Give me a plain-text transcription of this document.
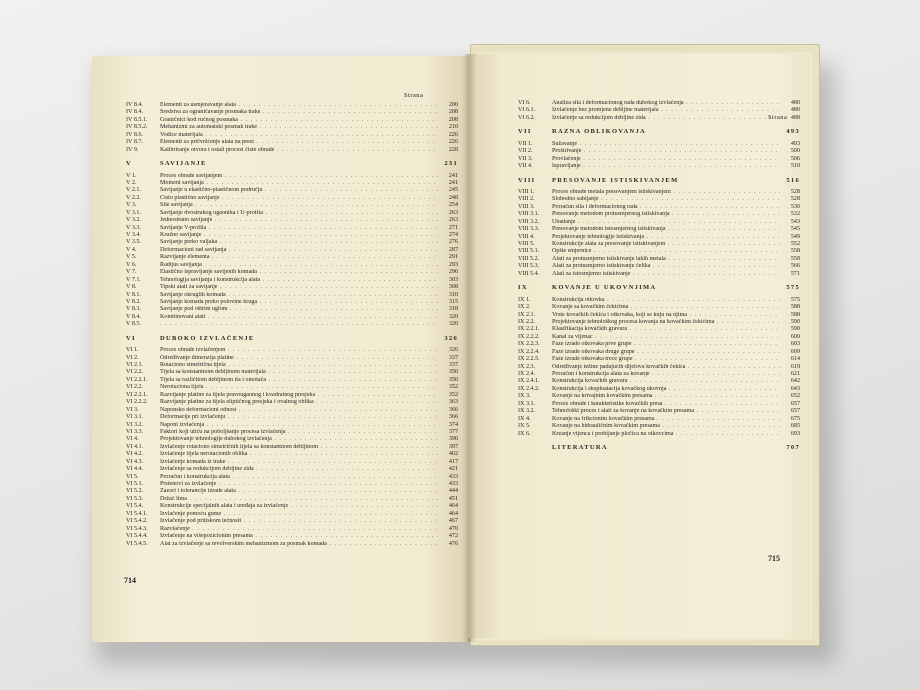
Strana
IV 8.4.	Elementi za usmjeravanje alata . . .	200
IV 8.4.	Sredstva za ograničavanje posmaka trake . . .	208
IV 8.5.1.	Graničnici kod ručnog posmaka . . .	208
IV 8.5.2.	Mehanizmi za automatski posmak trake . . .	210
IV 8.6.	Vodice materijala . . .	226
IV 8.7.	Elementi za pričvršćenje alata na presi . . .	226
IV 9.	Kalibriranje otvora i ostali procesi čiste obrade . . .	228
V	SAVIJANJE	231
V 1.	Proces obrade savijanjem . . .	241
V 2.	Moment savijanja . . .	241
V 2.1.	Savijanje u elastično-plastičnom području . . .	245
V 2.2.	Čisto plastično savijanje . . .	248
V 3.	Sile savijanja . . .	254
V 3.1.	Savijanje dvostrukog ugaonika i U-profila . . .	263
V 3.2.	Jednostrano savijanje . . .	263
V 3.3.	Savijanje V-profila . . .	271
V 3.4.	Kružno savijanje . . .	274
V 3.5.	Savijanje preko valjaka . . .	276
V 4.	Deformacioni rad savijanja . . .	287
V 5.	Razvijanje elementa . . .	291
V 6.	Radijus savijanja . . .	293
V 7.	Elastično ispravljanje savijenih komada . . .	296
V 7.1.	Tehnologija savijanja i konstrukcija alata . . .	303
V 8.	Tipski alati za savijanje . . .	308
V 8.1.	Savijanje okruglih komada . . .	310
V 8.2.	Savijanje komada preko polovine kruga . . .	315
V 8.3.	Savijanje pod oštrim uglom . . .	318
V 8.4.	Kombinovani alati . . .	320
V 8.5. . . .	320
VI	DUBOKO IZVLAČENJE	326
VI 1.	Proces obrade izvlačenjem . . .	326
VI 2.	Određivanje dimenzija platine . . .	337
VI 2.1.	Rotaciono simetrična tijela . . .	337
VI 2.2.	Tijela sa konstantnom debljinom materijala . . .	350
VI 2.2.1.	Tijela sa različitom debljinom tla i omotača . . .	350
VI 2.2.	Nerotaciona tijela . . .	352
VI 2.2.1.	Razvijanje platine za tijela pravougaonog i kvadratnog presjeka . . .	352
VI 2.2.2.	Razvijanje platine za tijela eliptičnog presjeka i ovalnog oblika . . .	363
VI 3.	Naponsko deformacioni odnosi . . .	366
VI 3.1.	Deformacije pri izvlačenju . . .	366
VI 3.2.	Naponi izvlačenja . . .	374
VI 3.3.	Faktori koji utiču na poboljšanje procesa izvlačenja . . .	377
VI 4.	Projektovanje tehnologije dubokog izvlačenja . . .	390
VI 4.1.	Izvlačenje rotaciono simetričnih tijela sa konstantnom debljinom . . .	397
VI 4.2.	Izvlačenje tijela nerotacionih oblika . . .	402
VI 4.3.	Izvlačenje komada iz trake . . .	417
VI 4.4.	Izvlačenje sa redukcijom debljine zida . . .	421
VI 5.	Proračun i konstrukcija alata . . .	433
VI 5.1.	Prstenovi za izvlačenje . . .	433
VI 5.2.	Zazori i tolerancije izrade alata . . .	444
VI 5.3.	Držač lima . . .	451
VI 5.4.	Konstrukcije specijalnih alata i uređaja za izvlačenje . . .	464
VI 5.4.1.	Izvlačenje pomoću gume . . .	464
VI 5.4.2.	Izvlačenje pod pritiskom tečnosti . . .	467
VI 5.4.3.	Razvlačenje . . .	470
VI 5.4.4.	Izvlačenje na višepozicionim presama . . .	472
VI 5.4.5.	Alat za izvlačenje sa revolverskim mehanizmom za posmak komada . . .	476
714
Strana
VI 6.	Analiza sila i deformacionog rada dubokog izvlačenja . . .	480
VI 6.1.	Izvlačenje bez promjene debljine materijala . . .	480
VI 6.2.	Izvlačenje sa redukcijom debljine zida . . .	488
VII	RAZNA OBLIKOVANJA	493
VII 1.	Sužavanje . . .	493
VII 2.	Proširivanje . . .	500
VII 3.	Provlačenje . . .	506
VII 4.	Ispravljanje . . .	510
VIII	PRESOVANJE ISTISKIVANJEM	516
VIII 1.	Proces obrade metala presovanjem istiskivanjem . . .	528
VIII 2.	Slobodno sabijanje . . .	528
VIII 3.	Proračun sila i deformacionog rada . . .	530
VIII 3.1.	Presovanje metodom protusmjernog istiskivanja . . .	532
VIII 3.2.	Ubadanje . . .	543
VIII 3.3.	Presovanje metodom istosmjernog istiskivanja . . .	545
VIII 4.	Projektovanje tehnologije istiskivanja . . .	549
VIII 5.	Konstrukcije alata za presovanje istiskivanjem . . .	552
VIII 5.1.	Opšte smjernice . . .	558
VIII 5.2.	Alati za protusmjerno istiskivanje lakih metala . . .	558
VIII 5.3.	Alati za protusmjerno istiskivanje čelika . . .	566
VIII 5.4.	Alati za istosmjerno istiskivanje . . .	571
IX	KOVANJE U UKOVNJIMA	575
IX 1.	Konstrukcija otkovka . . .	575
IX 2.	Kovanje sa kovačkim čekićima . . .	588
IX 2.1.	Vrste kovačkih čekića i otkovaka, koji se kuju na njima . . .	588
IX 2.2.	Projektovanje tehnološkog procesa kovanja na kovačkim čekićima . . .	590
IX 2.2.1.	Klasifikacija kovačkih gravura . . .	590
IX 2.2.2.	Kanal za vijenac . . .	600
IX 2.2.3.	Faze izrade otkovaka prve grupe . . .	603
IX 2.2.4.	Faze izrade otkovaka druge grupe . . .	609
IX 2.2.5.	Faze izrade otkovaka treće grupe . . .	614
IX 2.3.	Određivanje težine padajućih dijelova kovačkih čekića . . .	619
IX 2.4.	Proračun i konstrukcija alata za kovanje . . .	621
IX 2.4.1.	Konstrukcija kovačkih gravura . . .	642
IX 2.4.2.	Konstrukcija i eksploatacija kovačkog ukovnja . . .	643
IX 3.	Kovanje na krivajnim kovačkim presama . . .	652
IX 3.1.	Proces obrade i karakteristike kovačkih presa . . .	657
IX 3.2.	Tehnološki proces i alati za kovanje na kovačkim presama . . .	657
IX 4.	Kovanje na frikcionim kovačkim presama . . .	675
IX 5.	Kovanje na hidrauličnim kovačkim presama . . .	685
IX 6.	Krzanje vijenca i probijanje pločica na otkovcima . . .	693
LITERATURA	707
715
